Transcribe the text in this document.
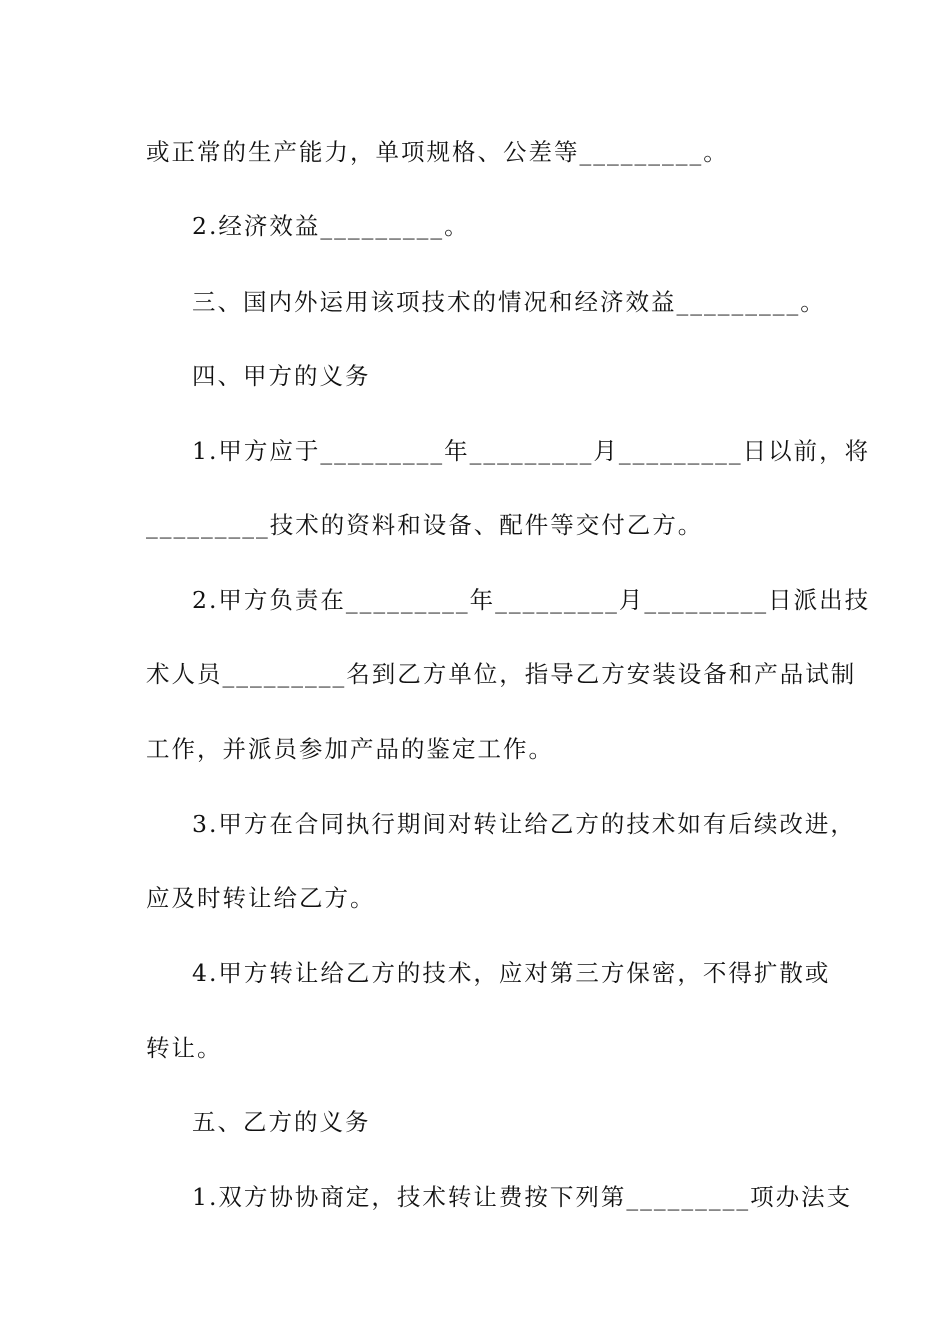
或正常的生产能力，单项规格、公差等_________。
2.经济效益_________。
三、国内外运用该项技术的情况和经济效益_________。
四、甲方的义务
1.甲方应于_________年_________月_________日以前，将
_________技术的资料和设备、配件等交付乙方。
2.甲方负责在_________年_________月_________日派出技
术人员_________名到乙方单位，指导乙方安装设备和产品试制
工作，并派员参加产品的鉴定工作。
3.甲方在合同执行期间对转让给乙方的技术如有后续改进，
应及时转让给乙方。
4.甲方转让给乙方的技术，应对第三方保密，不得扩散或
转让。
五、乙方的义务
1.双方协协商定，技术转让费按下列第_________项办法支
